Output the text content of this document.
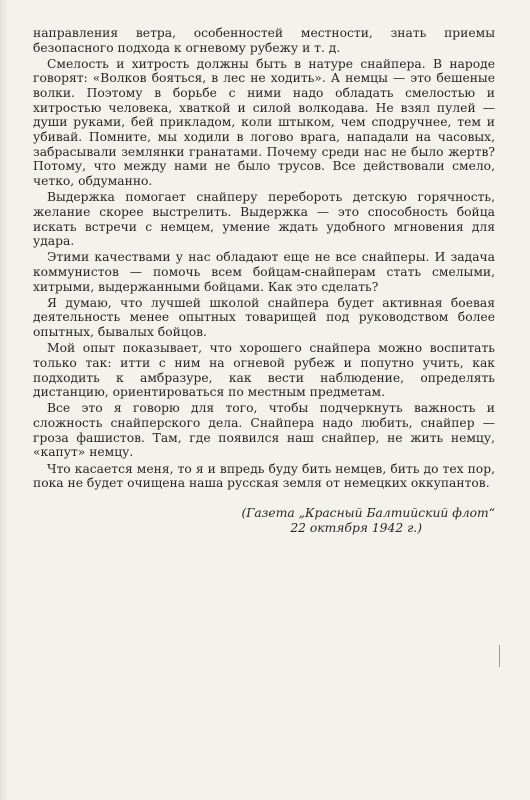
направления ветра, особенностей местности, знать приемы безопасного подхода к огневому рубежу и т. д.

Смелость и хитрость должны быть в натуре снайпера. В народе говорят: «Волков бояться, в лес не ходить». А немцы — это бешеные волки. Поэтому в борьбе с ними надо обладать смелостью и хитростью человека, хваткой и силой волкодава. Не взял пулей — души руками, бей прикладом, коли штыком, чем сподручнее, тем и убивай. Помните, мы ходили в логово врага, нападали на часовых, забрасывали землянки гранатами. Почему среди нас не было жертв? Потому, что между нами не было трусов. Все действовали смело, четко, обдуманно.

Выдержка помогает снайперу перебороть детскую горячность, желание скорее выстрелить. Выдержка — это способность бойца искать встречи с немцем, умение ждать удобного мгновения для удара.

Этими качествами у нас обладают еще не все снайперы. И задача коммунистов — помочь всем бойцам-снайперам стать смелыми, хитрыми, выдержанными бойцами. Как это сделать?

Я думаю, что лучшей школой снайпера будет активная боевая деятельность менее опытных товарищей под руководством более опытных, бывалых бойцов.

Мой опыт показывает, что хорошего снайпера можно воспитать только так: итти с ним на огневой рубеж и попутно учить, как подходить к амбразуре, как вести наблюдение, определять дистанцию, ориентироваться по местным предметам.

Все это я говорю для того, чтобы подчеркнуть важность и сложность снайперского дела. Снайпера надо любить, снайпер — гроза фашистов. Там, где появился наш снайпер, не жить немцу, «капут» немцу.

Что касается меня, то я и впредь буду бить немцев, бить до тех пор, пока не будет очищена наша русская земля от немецких оккупантов.

(Газета „Красный Балтийский флот“
22 октября 1942 г.)
